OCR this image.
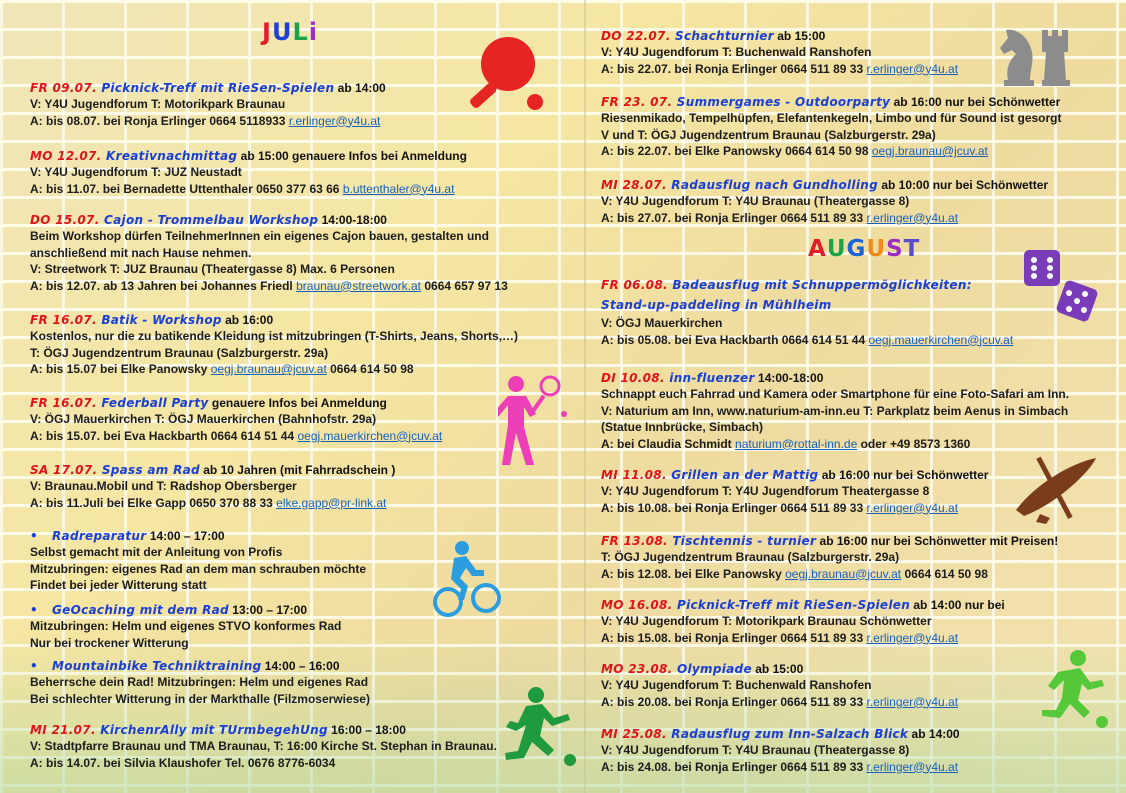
JULi
AUGUST
FR 09.07. Picknick-Treff mit RieSen-Spielen ab 14:00
V: Y4U Jugendforum T: Motorikpark Braunau
A: bis 08.07. bei Ronja Erlinger 0664 5118933 r.erlinger@y4u.at
MO 12.07. Kreativnachmittag ab 15:00 genauere Infos bei Anmeldung
V: Y4U Jugendforum T: JUZ Neustadt
A: bis 11.07. bei Bernadette Uttenthaler 0650 377 63 66 b.uttenthaler@y4u.at
DO 15.07. Cajon - Trommelbau Workshop 14:00-18:00
Beim Workshop dürfen TeilnehmerInnen ein eigenes Cajon bauen, gestalten und
anschließend mit nach Hause nehmen.
V: Streetwork T: JUZ Braunau (Theatergasse 8) Max. 6 Personen
A: bis 12.07. ab 13 Jahren bei Johannes Friedl braunau@streetwork.at 0664 657 97 13
FR 16.07. Batik - Workshop ab 16:00
Kostenlos, nur die zu batikende Kleidung ist mitzubringen (T-Shirts, Jeans, Shorts,…)
T: ÖGJ Jugendzentrum Braunau (Salzburgerstr. 29a)
A: bis 15.07 bei Elke Panowsky oegj.braunau@jcuv.at 0664 614 50 98
FR 16.07. Federball Party genauere Infos bei Anmeldung
V: ÖGJ Mauerkirchen T: ÖGJ Mauerkirchen (Bahnhofstr. 29a)
A: bis 15.07. bei Eva Hackbarth 0664 614 51 44 oegj.mauerkirchen@jcuv.at
SA 17.07. Spass am Rad ab 10 Jahren (mit Fahrradschein )
V: Braunau.Mobil und T: Radshop Obersberger
A: bis 11.Juli bei Elke Gapp 0650 370 88 33 elke.gapp@pr-link.at
• Radreparatur 14:00 – 17:00
Selbst gemacht mit der Anleitung von Profis
Mitzubringen: eigenes Rad an dem man schrauben möchte
Findet bei jeder Witterung statt
• GeOcaching mit dem Rad 13:00 – 17:00
Mitzubringen: Helm und eigenes STVO konformes Rad
Nur bei trockener Witterung
• Mountainbike Techniktraining 14:00 – 16:00
Beherrsche dein Rad! Mitzubringen: Helm und eigenes Rad
Bei schlechter Witterung in der Markthalle (Filzmoserwiese)
MI 21.07. KirchenrAlly mit TUrmbegehUng 16:00 – 18:00
V: Stadtpfarre Braunau und TMA Braunau, T: 16:00 Kirche St. Stephan in Braunau.
A: bis 14.07. bei Silvia Klaushofer Tel. 0676 8776-6034
DO 22.07. Schachturnier ab 15:00
V: Y4U Jugendforum T: Buchenwald Ranshofen
A: bis 22.07. bei Ronja Erlinger 0664 511 89 33 r.erlinger@y4u.at
FR 23. 07. Summergames - Outdoorparty ab 16:00 nur bei Schönwetter
Riesenmikado, Tempelhüpfen, Elefantenkegeln, Limbo und für Sound ist gesorgt
V und T: ÖGJ Jugendzentrum Braunau (Salzburgerstr. 29a)
A: bis 22.07. bei Elke Panowsky 0664 614 50 98 oegj.braunau@jcuv.at
MI 28.07. Radausflug nach Gundholling ab 10:00 nur bei Schönwetter
V: Y4U Jugendforum T: Y4U Braunau (Theatergasse 8)
A: bis 27.07. bei Ronja Erlinger 0664 511 89 33 r.erlinger@y4u.at
FR 06.08. Badeausflug mit Schnuppermöglichkeiten:
Stand-up-paddeling in Mühlheim
V: ÖGJ Mauerkirchen
A: bis 05.08. bei Eva Hackbarth 0664 614 51 44 oegj.mauerkirchen@jcuv.at
DI 10.08. inn-fluenzer 14:00-18:00
Schnappt euch Fahrrad und Kamera oder Smartphone für eine Foto-Safari am Inn.
V: Naturium am Inn, www.naturium-am-inn.eu T: Parkplatz beim Aenus in Simbach
(Statue Innbrücke, Simbach)
A: bei Claudia Schmidt naturium@rottal-inn.de oder +49 8573 1360
MI 11.08. Grillen an der Mattig ab 16:00 nur bei Schönwetter
V: Y4U Jugendforum T: Y4U Jugendforum Theatergasse 8
A: bis 10.08. bei Ronja Erlinger 0664 511 89 33 r.erlinger@y4u.at
FR 13.08. Tischtennis - turnier ab 16:00 nur bei Schönwetter mit Preisen!
T: ÖGJ Jugendzentrum Braunau (Salzburgerstr. 29a)
A: bis 12.08. bei Elke Panowsky oegj.braunau@jcuv.at 0664 614 50 98
MO 16.08. Picknick-Treff mit RieSen-Spielen ab 14:00 nur bei
V: Y4U Jugendforum T: Motorikpark Braunau Schönwetter
A: bis 15.08. bei Ronja Erlinger 0664 511 89 33 r.erlinger@y4u.at
MO 23.08. Olympiade ab 15:00
V: Y4U Jugendforum T: Buchenwald Ranshofen
A: bis 20.08. bei Ronja Erlinger 0664 511 89 33 r.erlinger@y4u.at
MI 25.08. Radausflug zum Inn-Salzach Blick ab 14:00
V: Y4U Jugendforum T: Y4U Braunau (Theatergasse 8)
A: bis 24.08. bei Ronja Erlinger 0664 511 89 33 r.erlinger@y4u.at
